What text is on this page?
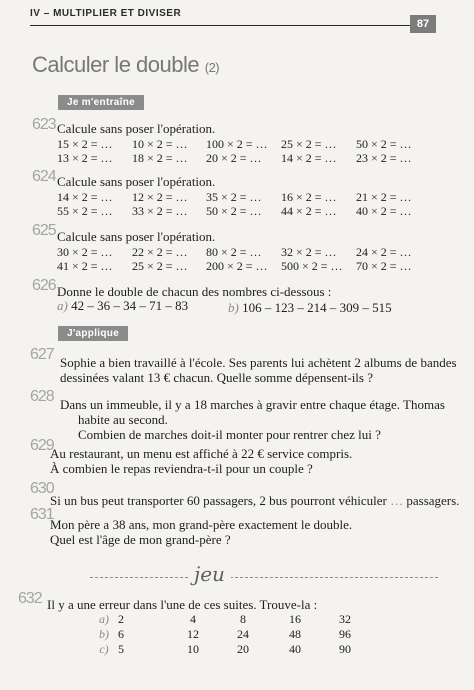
IV – MULTIPLIER ET DIVISER
87
Calculer le double (2)
Je m'entraîne
623 Calcule sans poser l'opération.
15 × 2 = …	10 × 2 = …	100 × 2 = …	25 × 2 = …	50 × 2 = …
13 × 2 = …	18 × 2 = …	20 × 2 = …	14 × 2 = …	23 × 2 = …
624 Calcule sans poser l'opération.
14 × 2 = …	12 × 2 = …	35 × 2 = …	16 × 2 = …	21 × 2 = …
55 × 2 = …	33 × 2 = …	50 × 2 = …	44 × 2 = …	40 × 2 = …
625 Calcule sans poser l'opération.
30 × 2 = …	22 × 2 = …	80 × 2 = …	32 × 2 = …	24 × 2 = …
41 × 2 = …	25 × 2 = …	200 × 2 = …	500 × 2 = …	70 × 2 = …
626 Donne le double de chacun des nombres ci-dessous :
a) 42 – 36 – 34 – 71 – 83	b) 106 – 123 – 214 – 309 – 515
J'applique
627 Sophie a bien travaillé à l'école. Ses parents lui achètent 2 albums de bandes
dessinées valant 13 € chacun. Quelle somme dépensent-ils ?
628 Dans un immeuble, il y a 18 marches à gravir entre chaque étage. Thomas
habite au second.
Combien de marches doit-il monter pour rentrer chez lui ?
629
Au restaurant, un menu est affiché à 22 € service compris.
À combien le repas reviendra-t-il pour un couple ?
630
Si un bus peut transporter 60 passagers, 2 bus pourront véhiculer … passagers.
631
Mon père a 38 ans, mon grand-père exactement le double.
Quel est l'âge de mon grand-père ?
jeu
632 Il y a une erreur dans l'une de ces suites. Trouve-la :
a)	2	4	8	16	32
b)	6	12	24	48	96
c)	5	10	20	40	90
